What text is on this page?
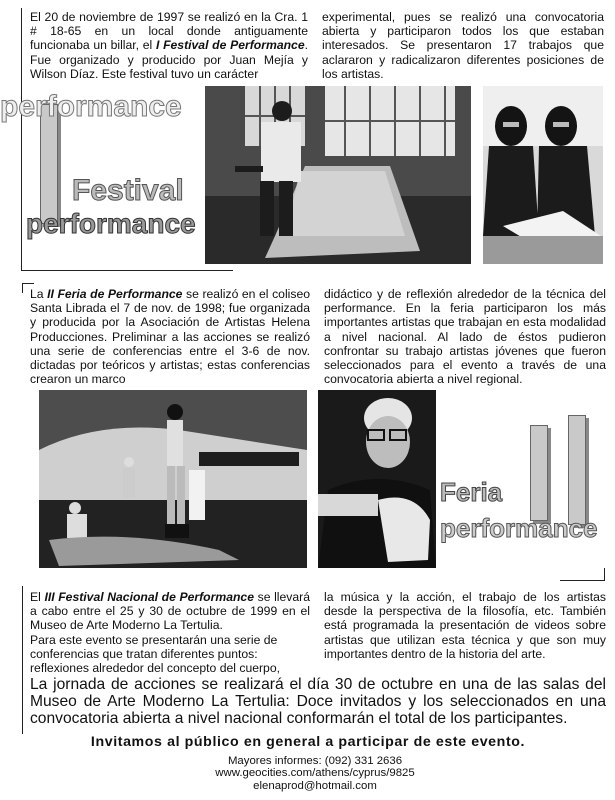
El 20 de noviembre de 1997 se realizó en la Cra. 1 # 18-65 en un local donde antiguamente funcionaba un billar, el I Festival de Performance. Fue organizado y producido por Juan Mejía y Wilson Díaz. Este festival tuvo un carácter
experimental, pues se realizó una convocatoria abierta y participaron todos los que estaban interesados. Se presentaron 17 trabajos que aclararon y radicalizaron diferentes posiciones de los artistas.
performance
Festival
performance
La II Feria de Performance se realizó en el coliseo Santa Librada el 7 de nov. de 1998; fue organizada y producida por la Asociación de Artistas Helena Producciones. Preliminar a las acciones se realizó una serie de conferencias entre el 3-6 de nov. dictadas por teóricos y artistas; estas conferencias crearon un marco
didáctico y de reflexión alrededor de la técnica del performance. En la feria participaron los más importantes artistas que trabajan en esta modalidad a nivel nacional. Al lado de éstos pudieron confrontar su trabajo artistas jóvenes que fueron seleccionados para el evento a través de una convocatoria abierta a nivel regional.
Feria
performance
El III Festival Nacional de Performance se llevará a cabo entre el 25 y 30 de octubre de 1999 en el Museo de Arte Moderno La Tertulia.

Para este evento se presentarán una serie de conferencias que tratan diferentes puntos: reflexiones alrededor del concepto del cuerpo,

la música y la acción, el trabajo de los artistas desde la perspectiva de la filosofía, etc. También está programada la presentación de videos sobre artistas que utilizan esta técnica y que son muy importantes dentro de la historia del arte.
La jornada de acciones se realizará el día 30 de octubre en una de las salas del Museo de Arte Moderno La Tertulia: Doce invitados y los seleccionados en una convocatoria abierta a nivel nacional conformarán el total de los participantes.
Invitamos al público en general a participar de este evento.
Mayores informes: (092) 331 2636
www.geocities.com/athens/cyprus/9825
elenaprod@hotmail.com
